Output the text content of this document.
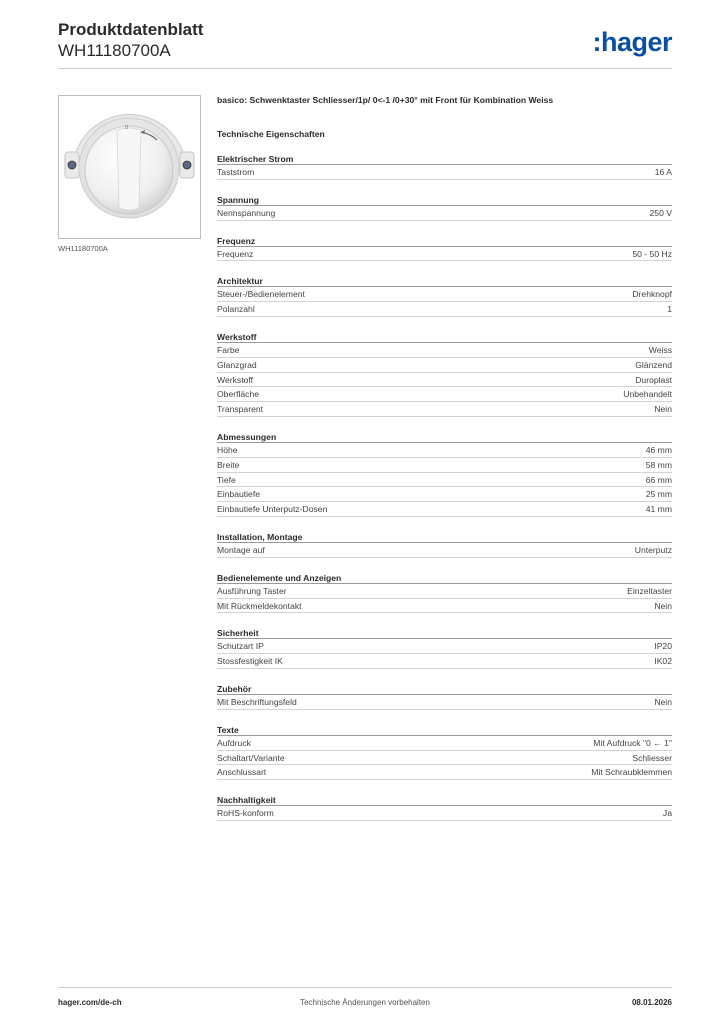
Produktdatenblatt
WH11180700A	:hager
0
WH11180700A
basico: Schwenktaster Schliesser/1p/ 0<-1 /0+30° mit Front für Kombination Weiss
Technische Eigenschaften
Elektrischer Strom
Taststrom	16 A
Spannung
Nennspannung	250 V
Frequenz
Frequenz	50 - 50 Hz
Architektur
Steuer-/Bedienelement	Drehknopf
Polanzahl	1
Werkstoff
Farbe	Weiss
Glanzgrad	Glänzend
Werkstoff	Duroplast
Oberfläche	Unbehandelt
Transparent	Nein
Abmessungen
Höhe	46 mm
Breite	58 mm
Tiefe	66 mm
Einbautiefe	25 mm
Einbautiefe Unterputz-Dosen	41 mm
Installation, Montage
Montage auf	Unterputz
Bedienelemente und Anzeigen
Ausführung Taster	Einzeltaster
Mit Rückmeldekontakt	Nein
Sicherheit
Schutzart IP	IP20
Stossfestigkeit IK	IK02
Zubehör
Mit Beschriftungsfeld	Nein
Texte
Aufdruck	Mit Aufdruck "0 ← 1"
Schaltart/Variante	Schliesser
Anschlussart	Mit Schraubklemmen
Nachhaltigkeit
RoHS-konform	Ja
hager.com/de-ch	Technische Änderungen vorbehalten	08.01.2026
